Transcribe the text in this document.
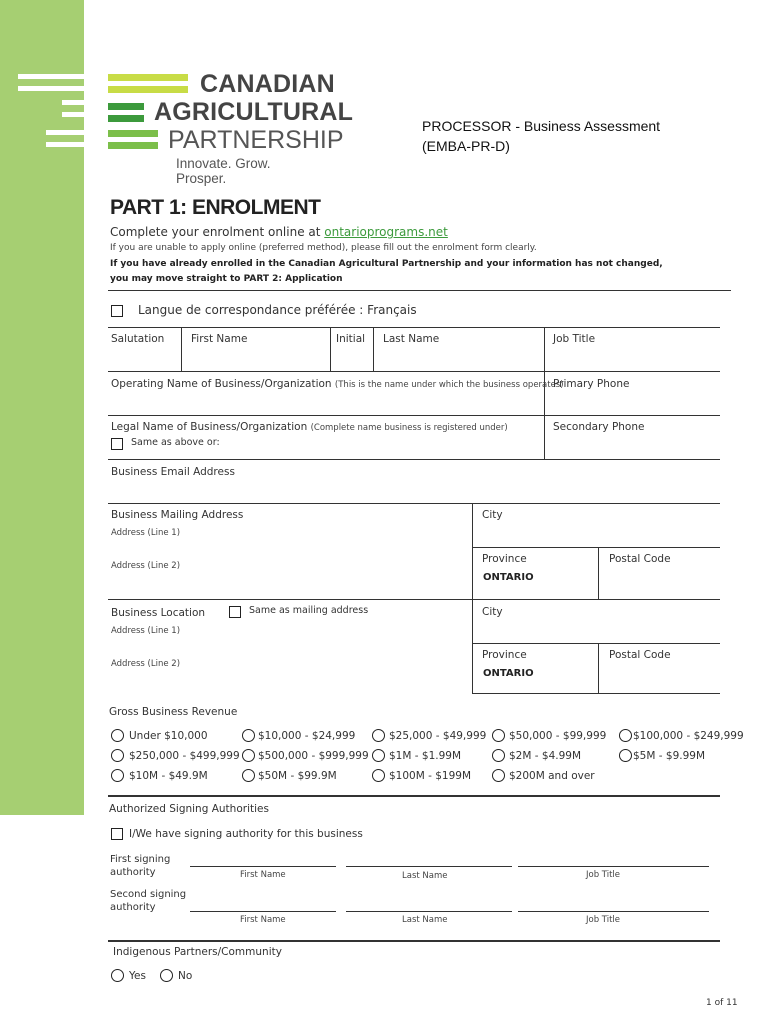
CANADIAN
AGRICULTURAL
PARTNERSHIP
Innovate. Grow. Prosper.
PROCESSOR - Business Assessment
(EMBA-PR-D)
PART 1: ENROLMENT
Complete your enrolment online at ontarioprograms.net
If you are unable to apply online (preferred method), please fill out the enrolment form clearly.
If you have already enrolled in the Canadian Agricultural Partnership and your information has not changed,
you may move straight to PART 2: Application
Langue de correspondance préférée : Français
Salutation	First Name	Initial Last Name	Job Title
Operating Name of Business/Organization (This is the name under which the business operates)
Primary Phone
Legal Name of Business/Organization (Complete name business is registered under)
Same as above or:
Secondary Phone
Business Email Address
Business Mailing Address
Address (Line 1)
Address (Line 2)
City
Province
ONTARIO
Postal Code
Business Location	Same as mailing address
Address (Line 1)
Address (Line 2)
City
Province
ONTARIO
Postal Code
Gross Business Revenue
Under $10,000	$10,000 - $24,999	$25,000 - $49,999 $50,000 - $99,999	$100,000 - $249,999
$250,000 - $499,999 $500,000 - $999,999 $1M - $1.99M	$2M - $4.99M	$5M - $9.99M
$10M - $49.9M	$50M - $99.9M	$100M - $199M	$200M and over
Authorized Signing Authorities
I/We have signing authority for this business
First signing
authority	First Name	Last Name	Job Title
Second signing
authority
First Name	Last Name	Job Title
Indigenous Partners/Community
Yes	No
1 of 11
